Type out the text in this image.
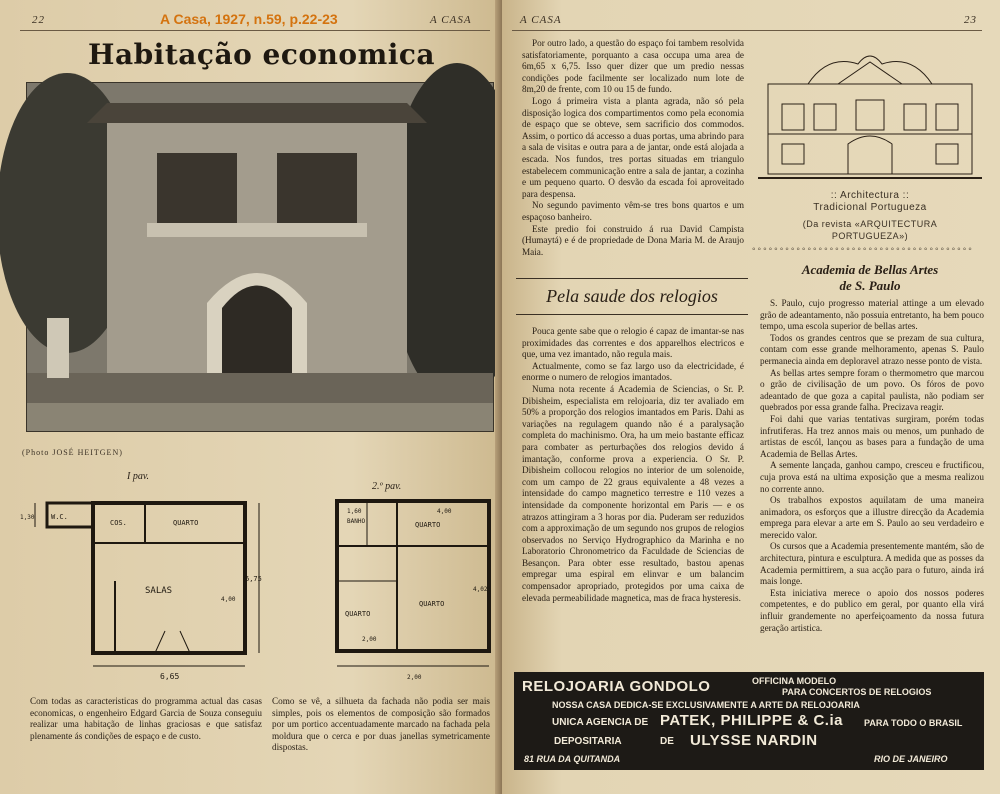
22	A Casa, 1927, n.59, p.22-23	A CASA
Habitação economica
(Photo JOSÉ HEITGEN)
I pav.
W.C.
COS.	QUARTO
SALAS
6,65
6,75
1,30
4,00
2.º pav.
BANHO	QUARTO
QUARTO
QUARTO
1,60	4,00
2,00
4,02
2,00
Com todas as caracteristicas do programma actual das casas economicas, o engenheiro Edgard Garcia de Souza conseguiu realizar uma habitação de linhas graciosas e que satisfaz plenamente ás condições de espaço e de custo.
Como se vê, a silhueta da fachada não podia ser mais simples, pois os elementos de composição são formados por um portico accentuadamente marcado na fachada pela moldura que o cerca e por duas janellas symetricamente dispostas.
A CASA	23

Por outro lado, a questão do espaço foi tambem resolvida satisfatoriamente, porquanto a casa occupa uma area de 6m,65 x 6,75. Isso quer dizer que um predio nessas condições pode facilmente ser localizado num lote de 8m,20 de frente, com 10 ou 15 de fundo.

Logo á primeira vista a planta agrada, não só pela disposição logica dos compartimentos como pela economia de espaço que se obteve, sem sacrificio dos commodos. Assim, o portico dá accesso a duas portas, uma abrindo para a sala de visitas e outra para a de jantar, onde está alojada a escada. Nos fundos, tres portas situadas em triangulo estabelecem communicação entre a sala de jantar, a cozinha e um pequeno quarto. O desvão da escada foi aproveitado para despensa.

No segundo pavimento vêm-se tres bons quartos e um espaçoso banheiro.

Este predio foi construido á rua David Campista (Humaytá) e é de propriedade de Dona Maria M. de Araujo Maia.

Pela saude dos relogios

Pouca gente sabe que o relogio é capaz de imantar-se nas proximidades das correntes e dos apparelhos electricos e que, uma vez imantado, não regula mais.

Actualmente, como se faz largo uso da electricidade, é enorme o numero de relogios imantados.

Numa nota recente á Academia de Sciencias, o Sr. P. Dibisheim, especialista em relojoaria, diz ter avaliado em 50% a proporção dos relogios imantados em Paris. Dahi as variações na regulagem quando não é a paralysação completa do machinismo. Ora, ha um meio bastante efficaz para combater as perturbações dos relogios devido á imantação, conforme prova a experiencia. O Sr. P. Dibisheim collocou relogios no interior de um solenoide, com um campo de 22 graus equivalente a 48 vezes a intensidade do campo magnetico terrestre e 110 vezes a intensidade da componente horizontal em Paris — e os atrazos attingiram a 3 horas por dia. Puderam ser reduzidos com a approximação de um segundo nos grupos de relogios observados no Serviço Hydrographico da Marinha e no Laboratorio Chronometrico da Faculdade de Sciencias de Besançon. Para obter esse resultado, bastou apenas empregar uma espiral em elinvar e um balancim compensador apropriado, protegidos por uma caixa de elevada permeabilidade magnetica, mas de fraca hysteresis.

:: Architectura ::
Tradicional Portugueza
(Da revista «ARQUITECTURA
PORTUGUEZA»)
◦◦◦◦◦◦◦◦◦◦◦◦◦◦◦◦◦◦◦◦◦◦◦◦◦◦◦◦◦◦◦◦◦◦◦◦◦◦◦◦
Academia de Bellas Artes
de S. Paulo

S. Paulo, cujo progresso material attinge a um elevado grão de adeantamento, não possuia entretanto, ha bem pouco tempo, uma escola superior de bellas artes.

Todos os grandes centros que se prezam de sua cultura, contam com esse grande melhoramento, apenas S. Paulo permanecia ainda em deploravel atrazo nesse ponto de vista.

As bellas artes sempre foram o thermometro que marcou o grão de civilisação de um povo. Os fóros de povo adeantado de que goza a capital paulista, não podiam ser quebrados por essa grande falha. Precizava reagir.

Foi dahi que varias tentativas surgiram, porém todas infrutiferas. Ha trez annos mais ou menos, um punhado de artistas de escól, lançou as bases para a fundação de uma Academia de Bellas Artes.

A semente lançada, ganhou campo, cresceu e fructificou, cuja prova está na ultima exposição que a mesma realizou no corrente anno.

Os trabalhos expostos aquilatam de uma maneira animadora, os esforços que a illustre direcção da Academia emprega para elevar a arte em S. Paulo ao seu verdadeiro e merecido valor.

Os cursos que a Academia presentemente mantém, são de architectura, pintura e esculptura. A medida que as posses da Academia permittirem, a sua acção para o futuro, ainda irá mais longe.

Esta iniciativa merece o apoio dos nossos poderes competentes, e do publico em geral, por quanto ella virá influir grandemente no aperfeiçoamento da nossa futura geração artistica.

RELOJOARIA GONDOLO	OFFICINA MODELO
PARA CONCERTOS DE RELOGIOS
NOSSA CASA DEDICA-SE EXCLUSIVAMENTE A ARTE DA RELOJOARIA
UNICA AGENCIA DE PATEK, PHILIPPE & C.ia PARA TODO O BRASIL
DEPOSITARIA	DE ULYSSE NARDIN
81 RUA DA QUITANDA	RIO DE JANEIRO
